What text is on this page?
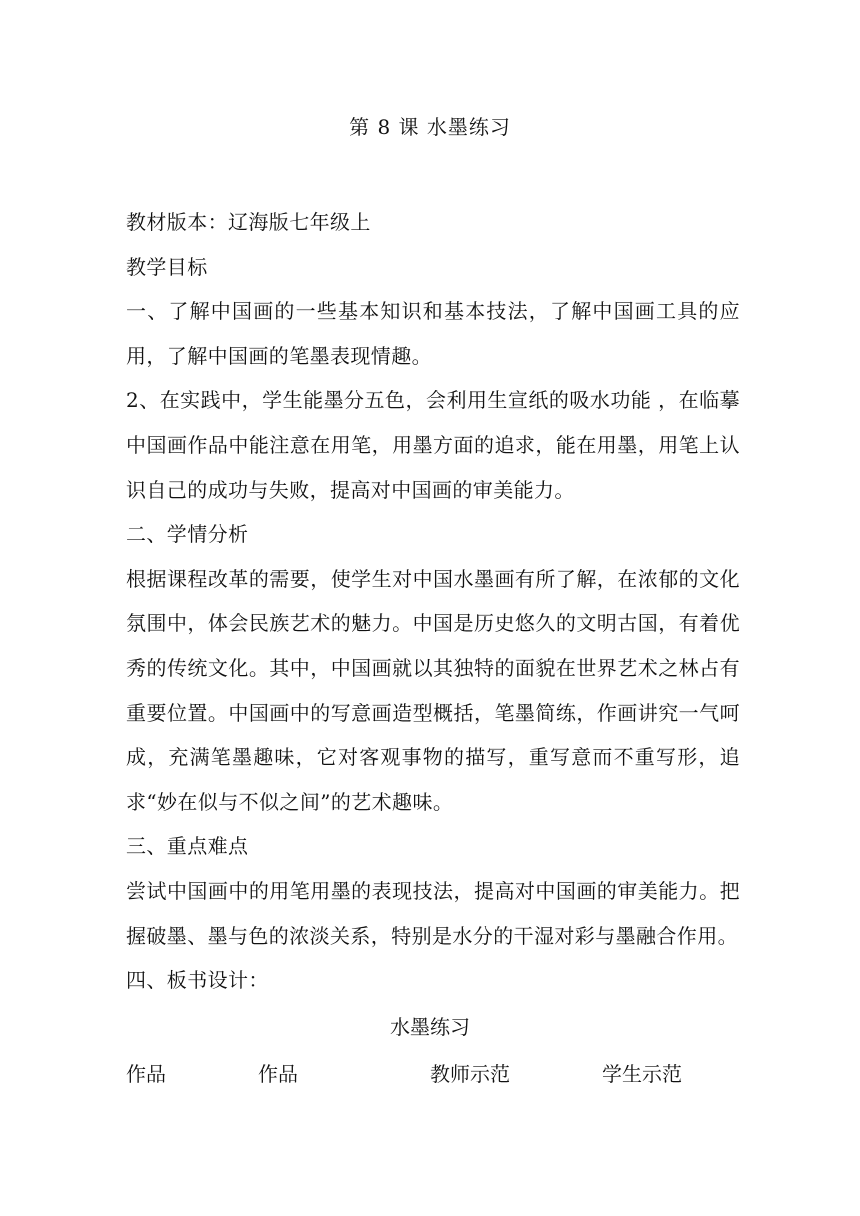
第 8 课 水墨练习

教材版本：辽海版七年级上

教学目标

一、了解中国画的一些基本知识和基本技法，了解中国画工具的应用，了解中国画的笔墨表现情趣。

2、在实践中，学生能墨分五色，会利用生宣纸的吸水功能 ，在临摹中国画作品中能注意在用笔，用墨方面的追求，能在用墨，用笔上认识自己的成功与失败，提高对中国画的审美能力。

二、学情分析

根据课程改革的需要，使学生对中国水墨画有所了解，在浓郁的文化氛围中，体会民族艺术的魅力。中国是历史悠久的文明古国，有着优秀的传统文化。其中，中国画就以其独特的面貌在世界艺术之林占有重要位置。中国画中的写意画造型概括，笔墨简练，作画讲究一气呵成，充满笔墨趣味，它对客观事物的描写，重写意而不重写形，追求“妙在似与不似之间”的艺术趣味。

三、重点难点

尝试中国画中的用笔用墨的表现技法，提高对中国画的审美能力。把握破墨、墨与色的浓淡关系，特别是水分的干湿对彩与墨融合作用。

四、板书设计：

水墨练习
作品	作品	教师示范	学生示范
